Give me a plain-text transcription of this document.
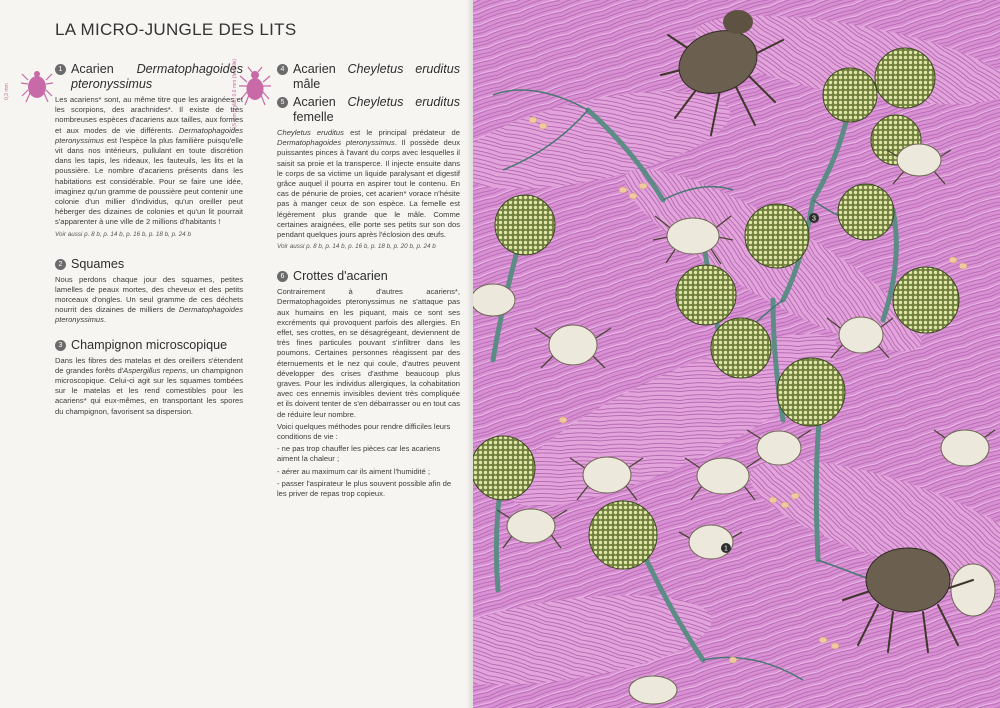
LA MICRO-JUNGLE DES LITS
0,3 mm	0,5 mm (mâle) 0,6 mm (femelle)
1 Acarien Dermatophagoides pteronyssimus
Les acariens* sont, au même titre que les araignées et les scorpions, des arachnides*. Il existe de très nombreuses espèces d'acariens aux tailles, aux formes et aux modes de vie différents. Dermatophagoides pteronyssimus est l'espèce la plus familière puisqu'elle vit dans nos intérieurs, pullulant en toute discrétion dans les tapis, les rideaux, les fauteuils, les lits et la poussière. Le nombre d'acariens présents dans les habitations est considérable. Pour se faire une idée, imaginez qu'un gramme de poussière peut contenir une colonie d'un millier d'individus, qu'un oreiller peut héberger des dizaines de colonies et qu'un lit pourrait s'apparenter à une ville de 2 millions d'habitants !
Voir aussi p. 8 b, p. 14 b, p. 16 b, p. 18 b, p. 24 b
2 Squames
Nous perdons chaque jour des squames, petites lamelles de peaux mortes, des cheveux et des petits morceaux d'ongles. Un seul gramme de ces déchets nourrit des dizaines de milliers de Dermatophagoides pteronyssimus.
3 Champignon microscopique
Dans les fibres des matelas et des oreillers s'étendent de grandes forêts d'Aspergillus repens, un champignon microscopique. Celui-ci agit sur les squames tombées sur le matelas et les rend comestibles pour les acariens* qui eux-mêmes, en transportant les spores du champignon, favorisent sa dispersion.
4 Acarien Cheyletus eruditus mâle
5 Acarien Cheyletus eruditus femelle
Cheyletus eruditus est le principal prédateur de Dermatophagoides pteronyssimus. Il possède deux puissantes pinces à l'avant du corps avec lesquelles il saisit sa proie et la transperce. Il injecte ensuite dans le corps de sa victime un liquide paralysant et digestif grâce auquel il pourra en aspirer tout le contenu. En cas de pénurie de proies, cet acarien* vorace n'hésite pas à manger ceux de son espèce. La femelle est légèrement plus grande que le mâle. Comme certaines araignées, elle porte ses petits sur son dos pendant quelques jours après l'éclosion des œufs.
Voir aussi p. 8 b, p. 14 b, p. 16 b, p. 18 b, p. 20 b, p. 24 b
6 Crottes d'acarien
Contrairement à d'autres acariens*, Dermatophagoides pteronyssimus ne s'attaque pas aux humains en les piquant, mais ce sont ses excréments qui provoquent parfois des allergies. En effet, ses crottes, en se désagrégeant, deviennent de très fines particules pouvant s'infiltrer dans les poumons. Certaines personnes réagissent par des éternuements et le nez qui coule, d'autres peuvent développer des crises d'asthme beaucoup plus graves. Pour les individus allergiques, la cohabitation avec ces ennemis invisibles devient très compliquée et ils doivent tenter de s'en débarrasser ou en tout cas de réduire leur nombre.
Voici quelques méthodes pour rendre difficiles leurs conditions de vie :
- ne pas trop chauffer les pièces car les acariens aiment la chaleur ;
- aérer au maximum car ils aiment l'humidité ;
- passer l'aspirateur le plus souvent possible afin de les priver de repas trop copieux.
3
1
